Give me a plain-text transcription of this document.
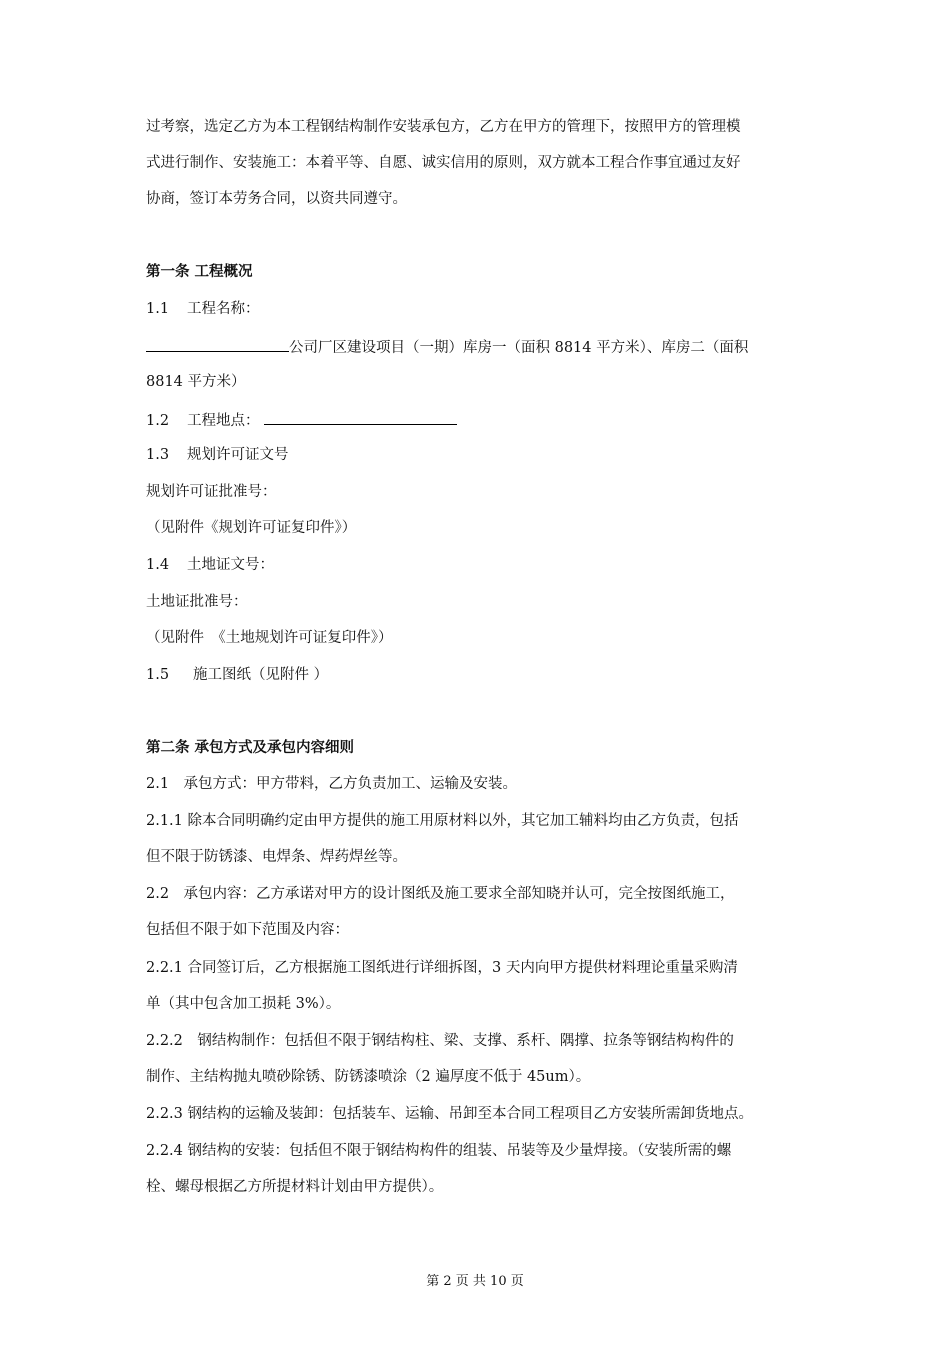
过考察，选定乙方为本工程钢结构制作安装承包方，乙方在甲方的管理下，按照甲方的管理模
式进行制作、安装施工：本着平等、自愿、诚实信用的原则，双方就本工程合作事宜通过友好
协商，签订本劳务合同，以资共同遵守。
第一条 工程概况
1.1 工程名称：
公司厂区建设项目（一期）库房一（面积 8814 平方米）、库房二（面积
8814 平方米）
1.2 工程地点：
1.3 规划许可证文号
规划许可证批准号：
（见附件《规划许可证复印件》）
1.4 土地证文号：
土地证批准号：
（见附件　《土地规划许可证复印件》）
1.5 施工图纸（见附件 ）
第二条 承包方式及承包内容细则
2.1　承包方式：甲方带料，乙方负责加工、运输及安装。
2.1.1 除本合同明确约定由甲方提供的施工用原材料以外，其它加工辅料均由乙方负责，包括
但不限于防锈漆、电焊条、焊药焊丝等。
2.2　承包内容：乙方承诺对甲方的设计图纸及施工要求全部知晓并认可，完全按图纸施工，
包括但不限于如下范围及内容：
2.2.1 合同签订后，乙方根据施工图纸进行详细拆图，3 天内向甲方提供材料理论重量采购清
单（其中包含加工损耗 3%）。
2.2.2　钢结构制作：包括但不限于钢结构柱、梁、支撑、系杆、隅撑、拉条等钢结构构件的
制作、主结构抛丸喷砂除锈、防锈漆喷涂（2 遍厚度不低于 45um）。
2.2.3 钢结构的运输及装卸：包括装车、运输、吊卸至本合同工程项目乙方安装所需卸货地点。
2.2.4 钢结构的安装：包括但不限于钢结构构件的组装、吊装等及少量焊接。（安装所需的螺
栓、螺母根据乙方所提材料计划由甲方提供）。
第 2 页 共 10 页
